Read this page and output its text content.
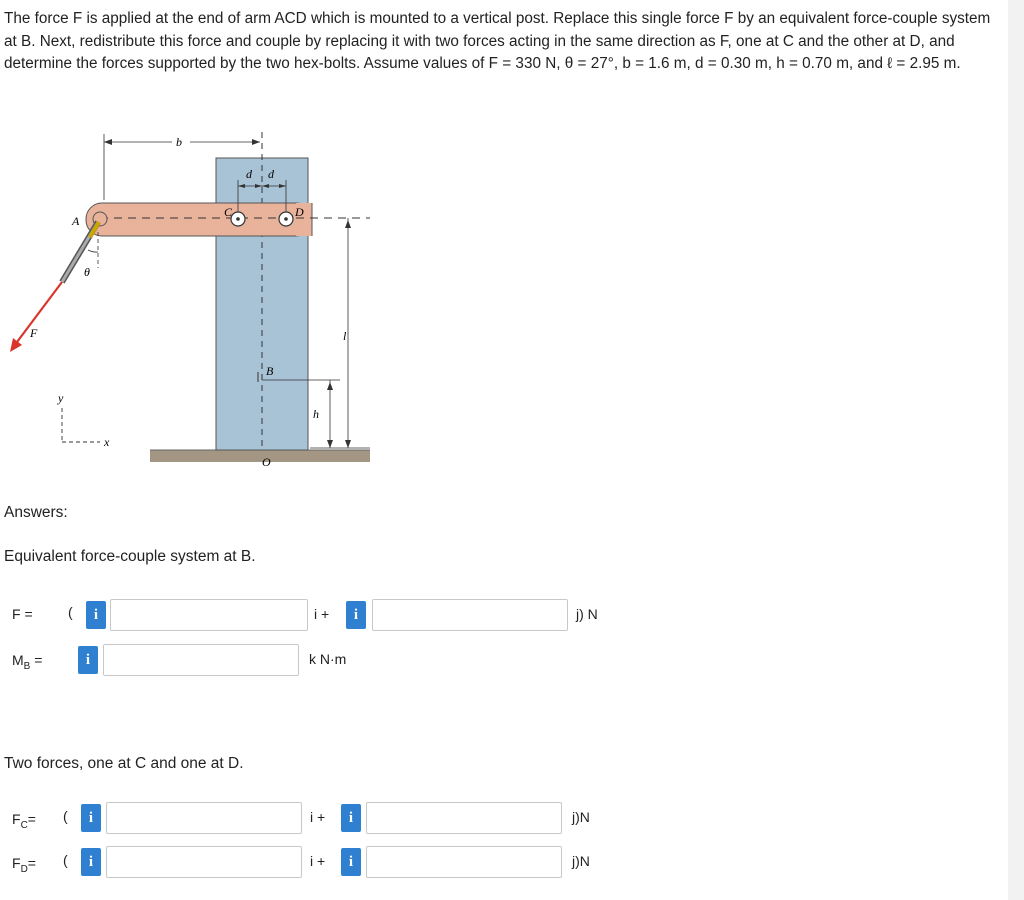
The force F is applied at the end of arm ACD which is mounted to a vertical post. Replace this single force F by an equivalent force-couple system at B. Next, redistribute this force and couple by replacing it with two forces acting in the same direction as F, one at C and the other at D, and determine the forces supported by the two hex-bolts. Assume values of F = 330 N, θ = 27°, b = 1.6 m, d = 0.30 m, h = 0.70 m, and ℓ = 2.95 m.

b
d d
A
C	D
θ
F	l
B
h
O
y
x
Answers:
Equivalent force-couple system at B.
F =	(	i	i +	i	j) N
$M_B$ =	i	k N·m
Two forces, one at C and one at D.
$F_C=$ (	i	i +	i	j)N
$F_D=$ (	i	i +	i	j)N
